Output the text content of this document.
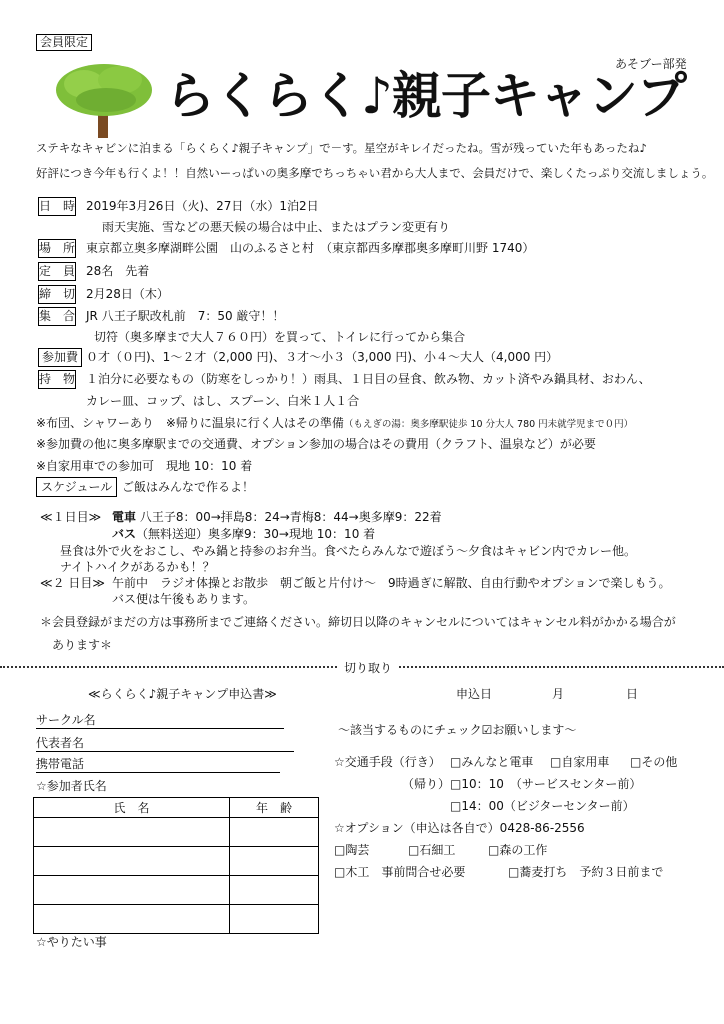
会員限定
らくらく♪親子キャンプ
あそブー部発
ステキなキャビンに泊まる「らくらく♪親子キャンプ」で－す。星空がキレイだったね。雪が残っていた年もあったね♪
好評につき今年も行くよ！！自然いーっぱいの奥多摩でちっちゃい君から大人まで、会員だけで、楽しくたっぷり交流しましょう。
日　時 2019年3月26日（火)、27日（水）1泊2日
雨天実施、雪などの悪天候の場合は中止、またはプラン変更有り
場　所 東京都立奥多摩湖畔公園　山のふるさと村　（東京都西多摩郡奥多摩町川野 1740）
定　員 28名　先着
締　切 2月28日（木）
集　合 JR 八王子駅改札前　7：50 厳守！！
切符（奥多摩まで大人７６０円）を買って、トイレに行ってから集合
参加費 ０才（０円)、1～２才（2,000 円)、３才～小３（3,000 円)、小４～大人（4,000 円）
持　物 １泊分に必要なもの（防寒をしっかり！）雨具、１日目の昼食、飲み物、カット済やみ鍋具材、おわん、
カレー皿、コップ、はし、スプーン、白米１人１合
※布団、シャワーあり　※帰りに温泉に行く人はその準備（もえぎの湯：奥多摩駅徒歩 10 分大人 780 円未就学児まで０円）
※参加費の他に奥多摩駅までの交通費、オプション参加の場合はその費用（クラフト、温泉など）が必要
※自家用車での参加可　現地 10：10 着
スケジュール ご飯はみんなで作るよ！
≪１日目≫ 電車 八王子8：00→拝島8：24→青梅8：44→奥多摩9：22着
バス（無料送迎）奥多摩9：30→現地 10：10 着
昼食は外で火をおこし、やみ鍋と持参のお弁当。食べたらみんなで遊ぼう～夕食はキャビン内でカレー他。
ナイトハイクがあるかも！？
≪２ 日目≫ 午前中　ラジオ体操とお散歩　朝ご飯と片付け～　9時過ぎに解散、自由行動やオプションで楽しもう。
バス便は午後もあります。
＊会員登録がまだの方は事務所までご連絡ください。締切日以降のキャンセルについてはキャンセル料がかかる場合が
あります＊
切り取り
≪らくらく♪親子キャンプ申込書≫	申込日	月	日
サークル名
代表者名
携帯電話
☆参加者氏名
氏　名	年　齢

☆やりたい事
～該当するものにチェック☑お願いします～
☆交通手段（行き） □みんなと電車 □自家用車 □その他
（帰り） □10：10　（サービスセンター前）
□14：00（ビジターセンター前）
☆オプション（申込は各自で）0428-86-2556
□陶芸	□石細工	□森の工作
□木工　事前問合せ必要	□蕎麦打ち　予約３日前まで
